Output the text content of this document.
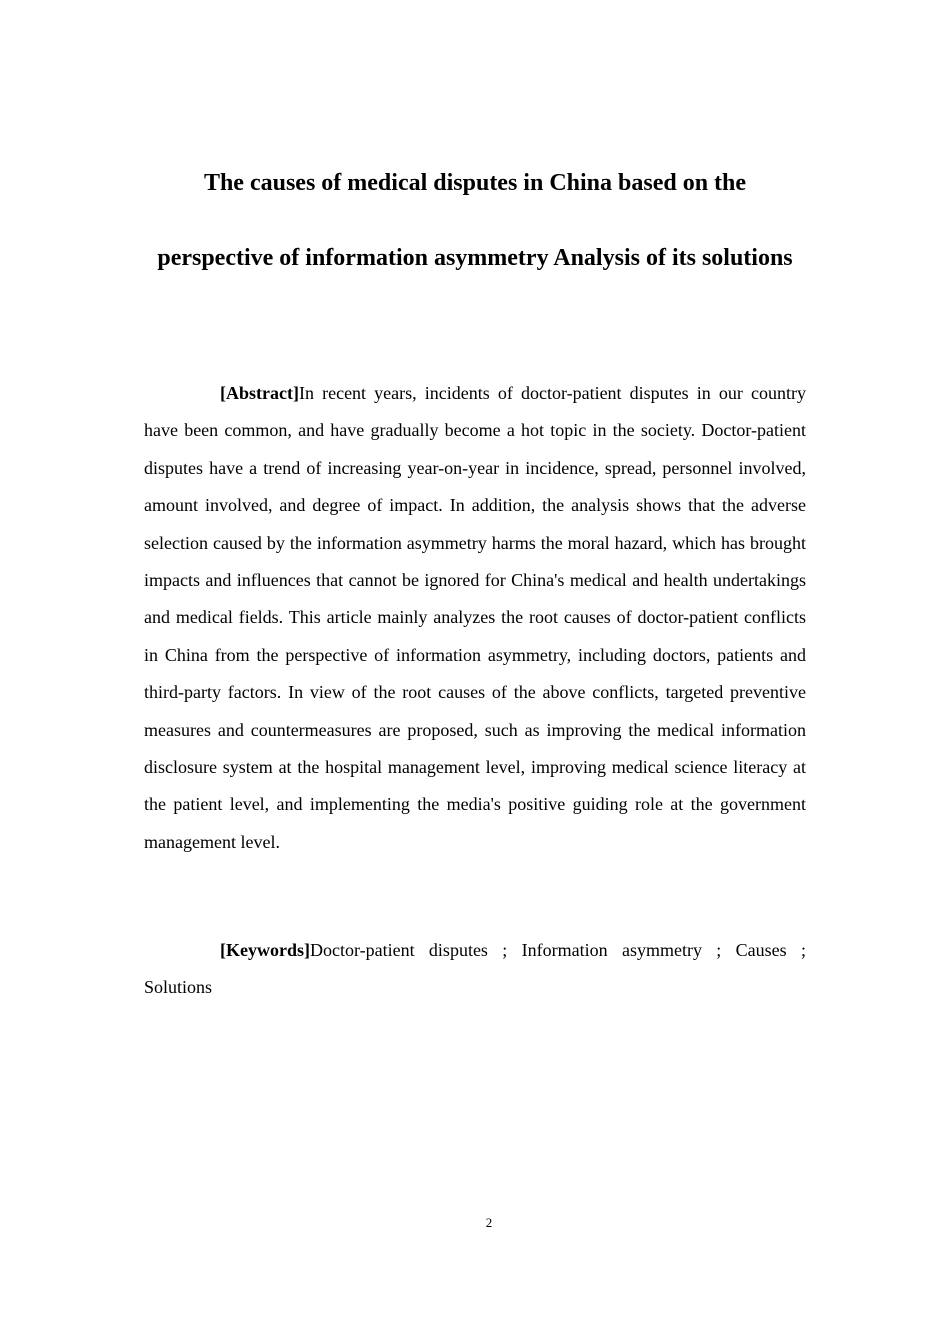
The causes of medical disputes in China based on the perspective of information asymmetry Analysis of its solutions

[Abstract]In recent years, incidents of doctor-patient disputes in our country have been common, and have gradually become a hot topic in the society. Doctor-patient disputes have a trend of increasing year-on-year in incidence, spread, personnel involved, amount involved, and degree of impact. In addition, the analysis shows that the adverse selection caused by the information asymmetry harms the moral hazard, which has brought impacts and influences that cannot be ignored for China's medical and health undertakings and medical fields. This article mainly analyzes the root causes of doctor-patient conflicts in China from the perspective of information asymmetry, including doctors, patients and third-party factors. In view of the root causes of the above conflicts, targeted preventive measures and countermeasures are proposed, such as improving the medical information disclosure system at the hospital management level, improving medical science literacy at the patient level, and implementing the media's positive guiding role at the government management level.

[Keywords]Doctor-patient disputes ; Information asymmetry ; Causes ; Solutions

2
